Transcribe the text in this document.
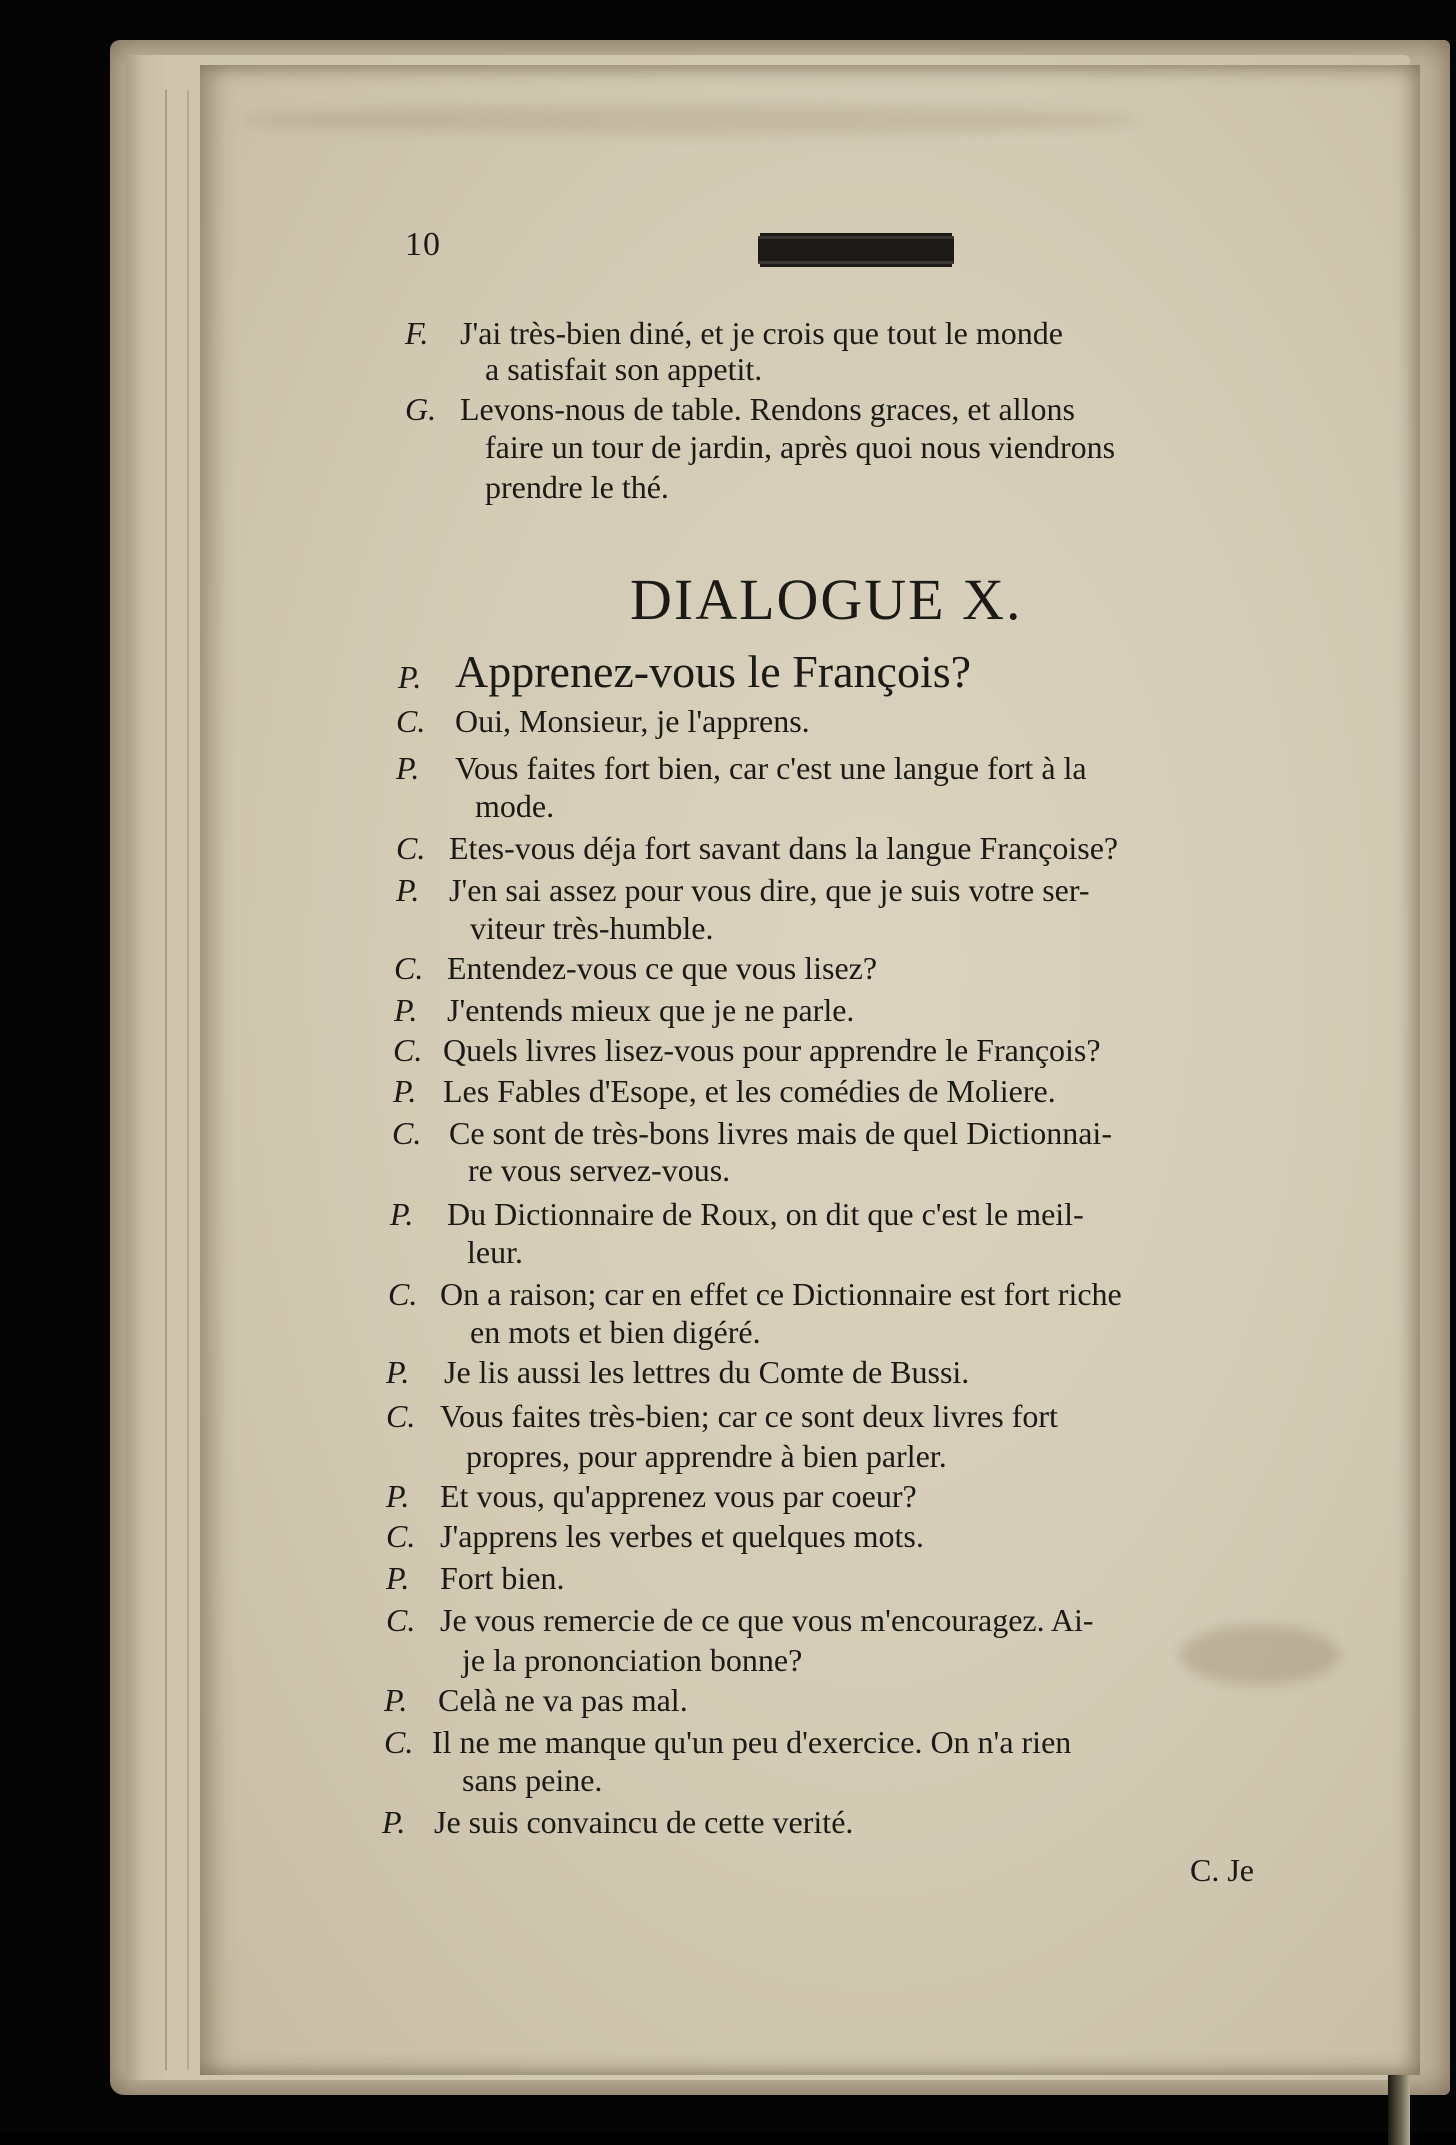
10
F. J'ai très-bien diné, et je crois que tout le monde
a satisfait son appetit.
G. Levons-nous de table. Rendons graces, et allons
faire un tour de jardin, après quoi nous viendrons
prendre le thé.
DIALOGUE X.
P. Apprenez-vous le François?
C. Oui, Monsieur, je l'apprens.
P. Vous faites fort bien, car c'est une langue fort à la
mode.
C. Etes-vous déja fort savant dans la langue Françoise?
P. J'en sai assez pour vous dire, que je suis votre ser-
viteur très-humble.
C. Entendez-vous ce que vous lisez?
P. J'entends mieux que je ne parle.
C. Quels livres lisez-vous pour apprendre le François?
P. Les Fables d'Esope, et les comédies de Moliere.
C. Ce sont de très-bons livres mais de quel Dictionnai-
re vous servez-vous.
P. Du Dictionnaire de Roux, on dit que c'est le meil-
leur.
C. On a raison; car en effet ce Dictionnaire est fort riche
en mots et bien digéré.
P. Je lis aussi les lettres du Comte de Bussi.
C. Vous faites très-bien; car ce sont deux livres fort
propres, pour apprendre à bien parler.
P. Et vous, qu'apprenez vous par coeur?
C. J'apprens les verbes et quelques mots.
P. Fort bien.
C. Je vous remercie de ce que vous m'encouragez. Ai-
je la prononciation bonne?
P. Celà ne va pas mal.
C. Il ne me manque qu'un peu d'exercice. On n'a rien
sans peine.
P. Je suis convaincu de cette verité.
C. Je
